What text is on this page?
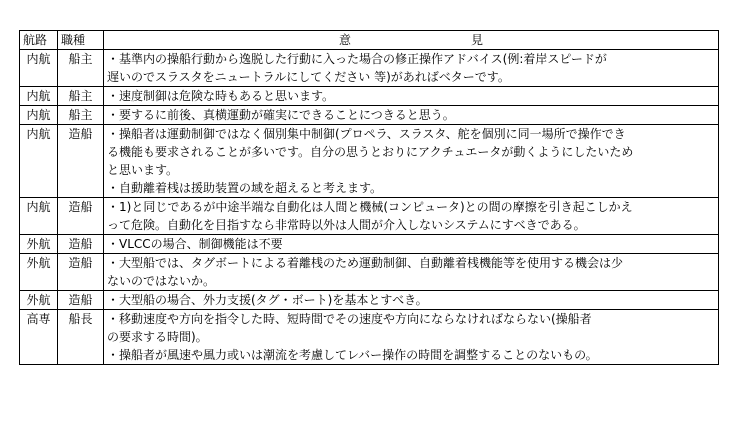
航路	職種	意 見
内航	船主	・基準内の操船行動から逸脱した行動に入った場合の修正操作アドバイス(例:着岸スピードが
遅いのでスラスタをニュートラルにしてください 等)があればベターです。

内航	船主	・速度制御は危険な時もあると思います。

内航	船主	・要するに前後、真横運動が確実にできることにつきると思う。

内航	造船	・操船者は運動制御ではなく個別集中制御(プロペラ、スラスタ、舵を個別に同一場所で操作でき
る機能も要求されることが多いです。自分の思うとおりにアクチュエータが動くようにしたいため
と思います。
・自動離着桟は援助装置の域を超えると考えます。

内航	造船	・1)と同じであるが中途半端な自動化は人間と機械(コンピュータ)との間の摩擦を引き起こしかえ
って危険。自動化を目指すなら非常時以外は人間が介入しないシステムにすべきである。

外航	造船	・VLCCの場合、制御機能は不要

外航	造船	・大型船では、タグボートによる着離桟のため運動制御、自動離着桟機能等を使用する機会は少
ないのではないか。

外航	造船	・大型船の場合、外力支援(タグ・ボート)を基本とすべき。

高専	船長	・移動速度や方向を指令した時、短時間でその速度や方向にならなければならない(操船者
の要求する時間)。
・操船者が風速や風力或いは潮流を考慮してレバー操作の時間を調整することのないもの。
